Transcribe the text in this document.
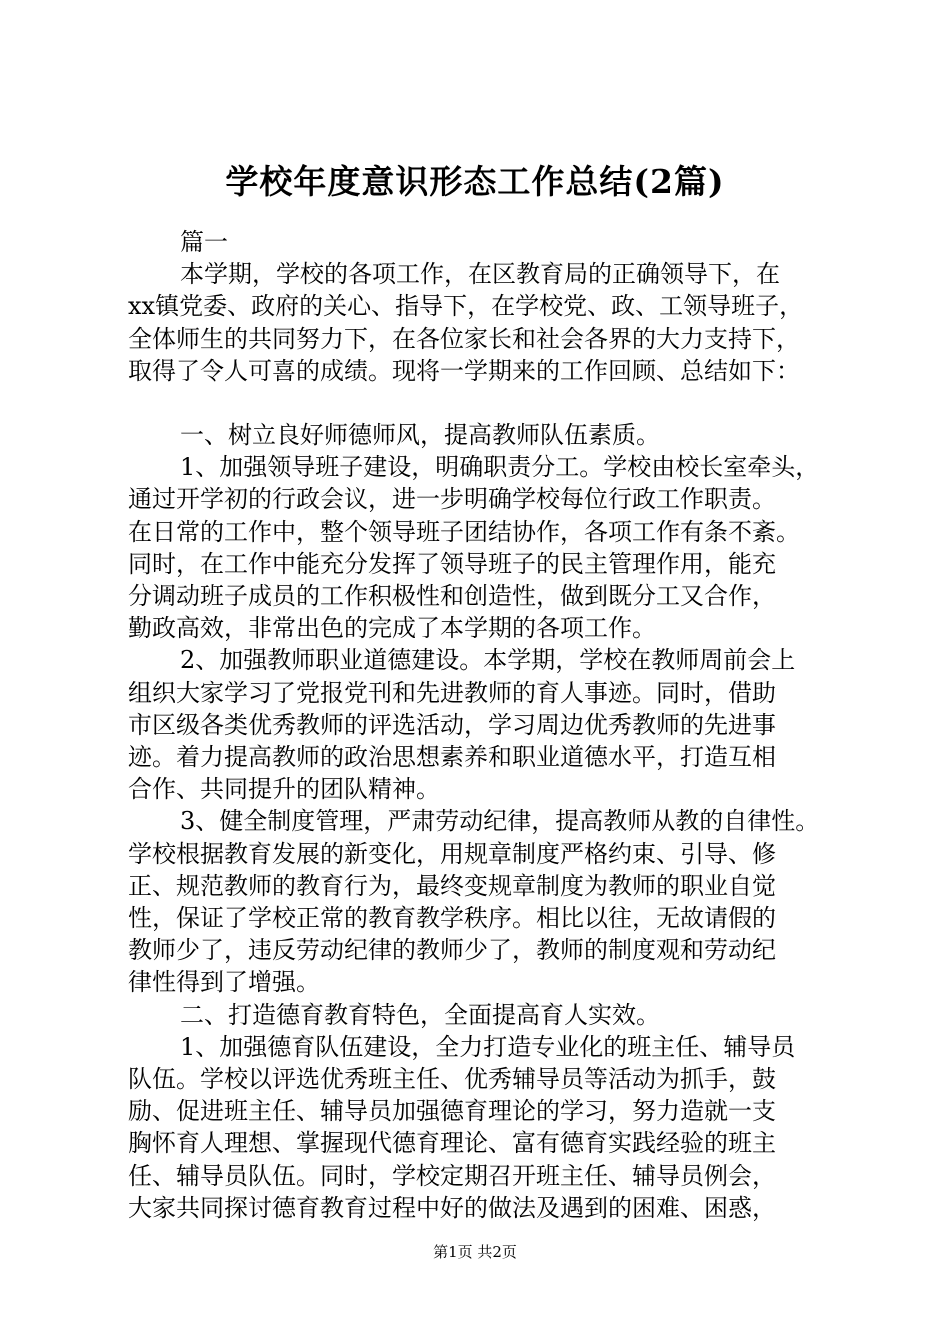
学校年度意识形态工作总结(2篇)
篇一
本学期，学校的各项工作，在区教育局的正确领导下，在
xx镇党委、政府的关心、指导下，在学校党、政、工领导班子，
全体师生的共同努力下，在各位家长和社会各界的大力支持下，
取得了令人可喜的成绩。现将一学期来的工作回顾、总结如下：
一、树立良好师德师风，提高教师队伍素质。
1、加强领导班子建设，明确职责分工。学校由校长室牵头，
通过开学初的行政会议，进一步明确学校每位行政工作职责。
在日常的工作中，整个领导班子团结协作，各项工作有条不紊。
同时，在工作中能充分发挥了领导班子的民主管理作用，能充
分调动班子成员的工作积极性和创造性，做到既分工又合作，
勤政高效，非常出色的完成了本学期的各项工作。
2、加强教师职业道德建设。本学期，学校在教师周前会上
组织大家学习了党报党刊和先进教师的育人事迹。同时，借助
市区级各类优秀教师的评选活动，学习周边优秀教师的先进事
迹。着力提高教师的政治思想素养和职业道德水平，打造互相
合作、共同提升的团队精神。
3、健全制度管理，严肃劳动纪律，提高教师从教的自律性。
学校根据教育发展的新变化，用规章制度严格约束、引导、修
正、规范教师的教育行为，最终变规章制度为教师的职业自觉
性，保证了学校正常的教育教学秩序。相比以往，无故请假的
教师少了，违反劳动纪律的教师少了，教师的制度观和劳动纪
律性得到了增强。
二、打造德育教育特色，全面提高育人实效。
1、加强德育队伍建设，全力打造专业化的班主任、辅导员
队伍。学校以评选优秀班主任、优秀辅导员等活动为抓手，鼓
励、促进班主任、辅导员加强德育理论的学习，努力造就一支
胸怀育人理想、掌握现代德育理论、富有德育实践经验的班主
任、辅导员队伍。同时，学校定期召开班主任、辅导员例会，
大家共同探讨德育教育过程中好的做法及遇到的困难、困惑，
第1页 共2页
